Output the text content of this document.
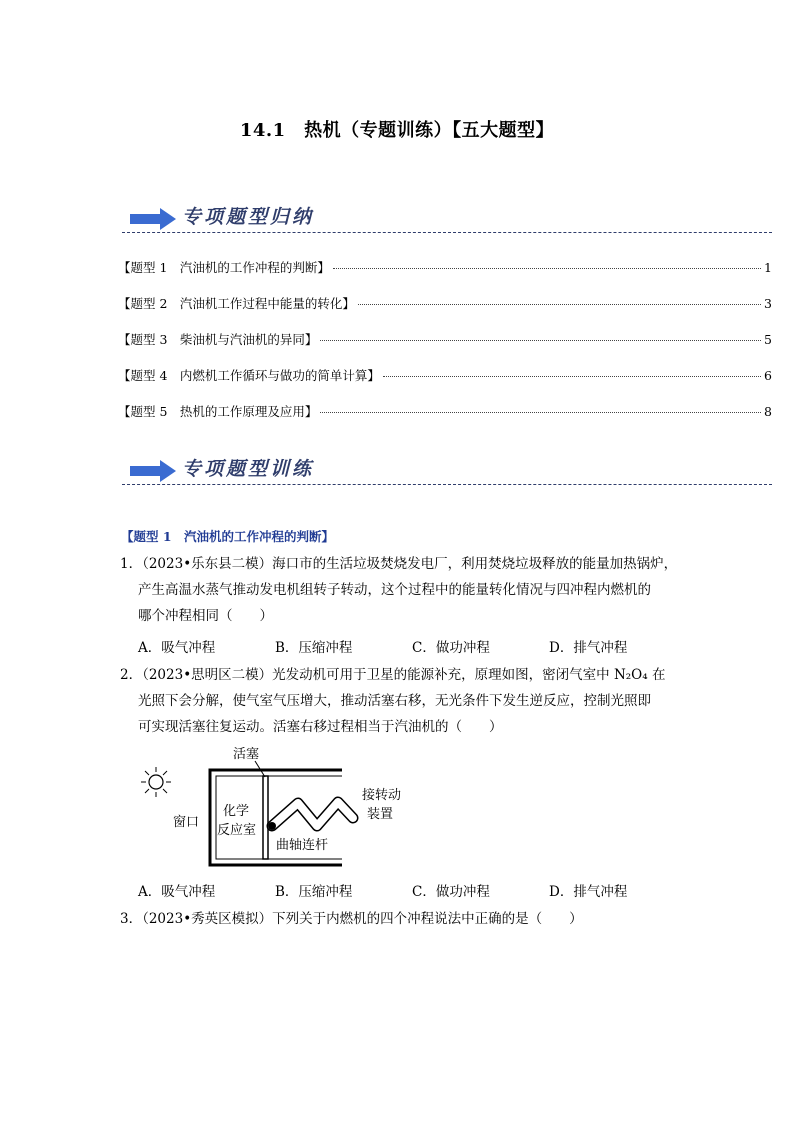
14.1　热机（专题训练）【五大题型】
专项题型归纳
【题型 1　汽油机的工作冲程的判断】	1
【题型 2　汽油机工作过程中能量的转化】	3
【题型 3　柴油机与汽油机的异同】	5
【题型 4　内燃机工作循环与做功的简单计算】	6
【题型 5　热机的工作原理及应用】	8
专项题型训练
【题型 1　汽油机的工作冲程的判断】
1．（2023•乐东县二模）海口市的生活垃圾焚烧发电厂，利用焚烧垃圾释放的能量加热锅炉，
产生高温水蒸气推动发电机组转子转动，这个过程中的能量转化情况与四冲程内燃机的
哪个冲程相同（　　）
A．吸气冲程	B．压缩冲程	C．做功冲程	D．排气冲程
2．（2023•思明区二模）光发动机可用于卫星的能源补充，原理如图，密闭气室中 N₂O₄ 在
光照下会分解，使气室气压增大，推动活塞右移，无光条件下发生逆反应，控制光照即
可实现活塞往复运动。活塞右移过程相当于汽油机的（　　）
活塞
窗口
化学
反应室
曲轴连杆
接转动
装置
A．吸气冲程	B．压缩冲程	C．做功冲程	D．排气冲程
3．（2023•秀英区模拟）下列关于内燃机的四个冲程说法中正确的是（　　）
